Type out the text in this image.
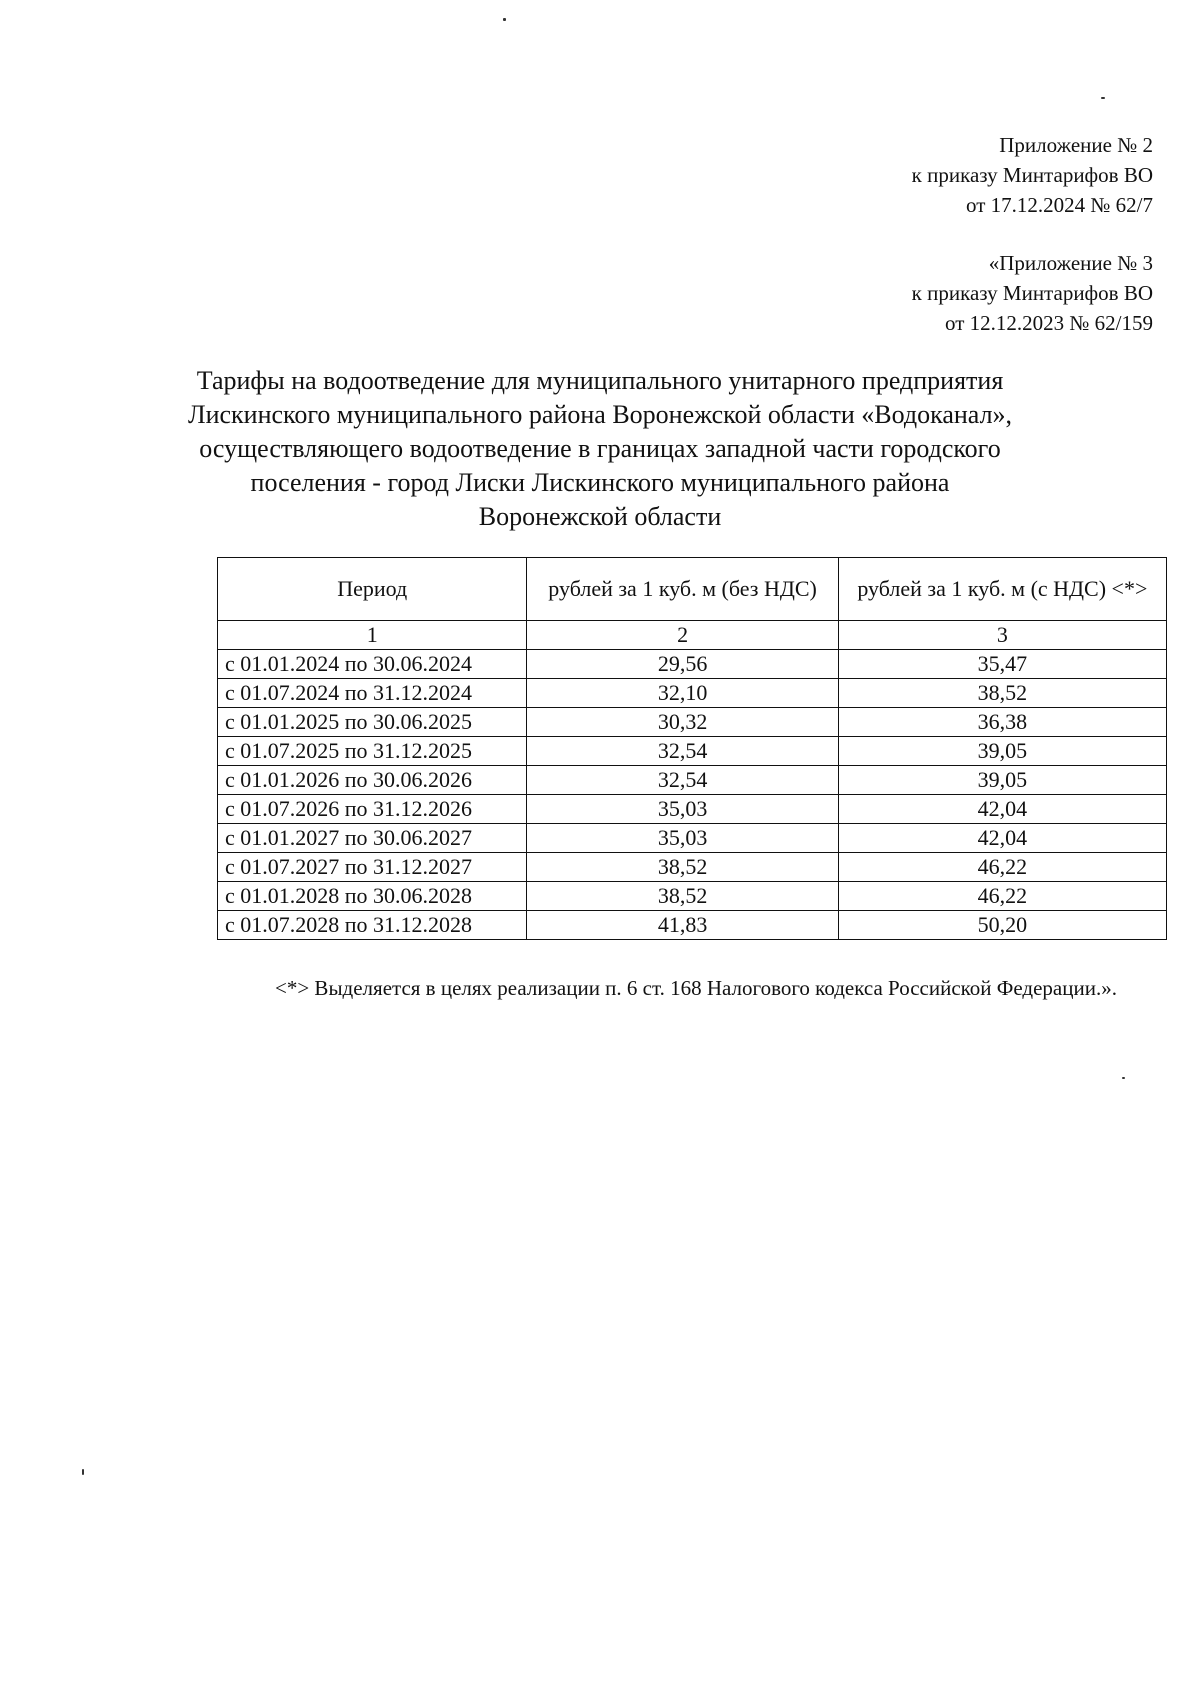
Приложение № 2
к приказу Минтарифов ВО
от 17.12.2024 № 62/7
«Приложение № 3
к приказу Минтарифов ВО
от 12.12.2023 № 62/159
Тарифы на водоотведение для муниципального унитарного предприятия
Лискинского муниципального района Воронежской области «Водоканал»,
осуществляющего водоотведение в границах западной части городского
поселения - город Лиски Лискинского муниципального района
Воронежской области
Период	рублей за 1 куб. м (без НДС)	рублей за 1 куб. м (с НДС) <*>
1	2	3
с 01.01.2024 по 30.06.2024	29,56	35,47
с 01.07.2024 по 31.12.2024	32,10	38,52
с 01.01.2025 по 30.06.2025	30,32	36,38
с 01.07.2025 по 31.12.2025	32,54	39,05
с 01.01.2026 по 30.06.2026	32,54	39,05
с 01.07.2026 по 31.12.2026	35,03	42,04
с 01.01.2027 по 30.06.2027	35,03	42,04
с 01.07.2027 по 31.12.2027	38,52	46,22
с 01.01.2028 по 30.06.2028	38,52	46,22
с 01.07.2028 по 31.12.2028	41,83	50,20
<*> Выделяется в целях реализации п. 6 ст. 168 Налогового кодекса Российской Федерации.».
